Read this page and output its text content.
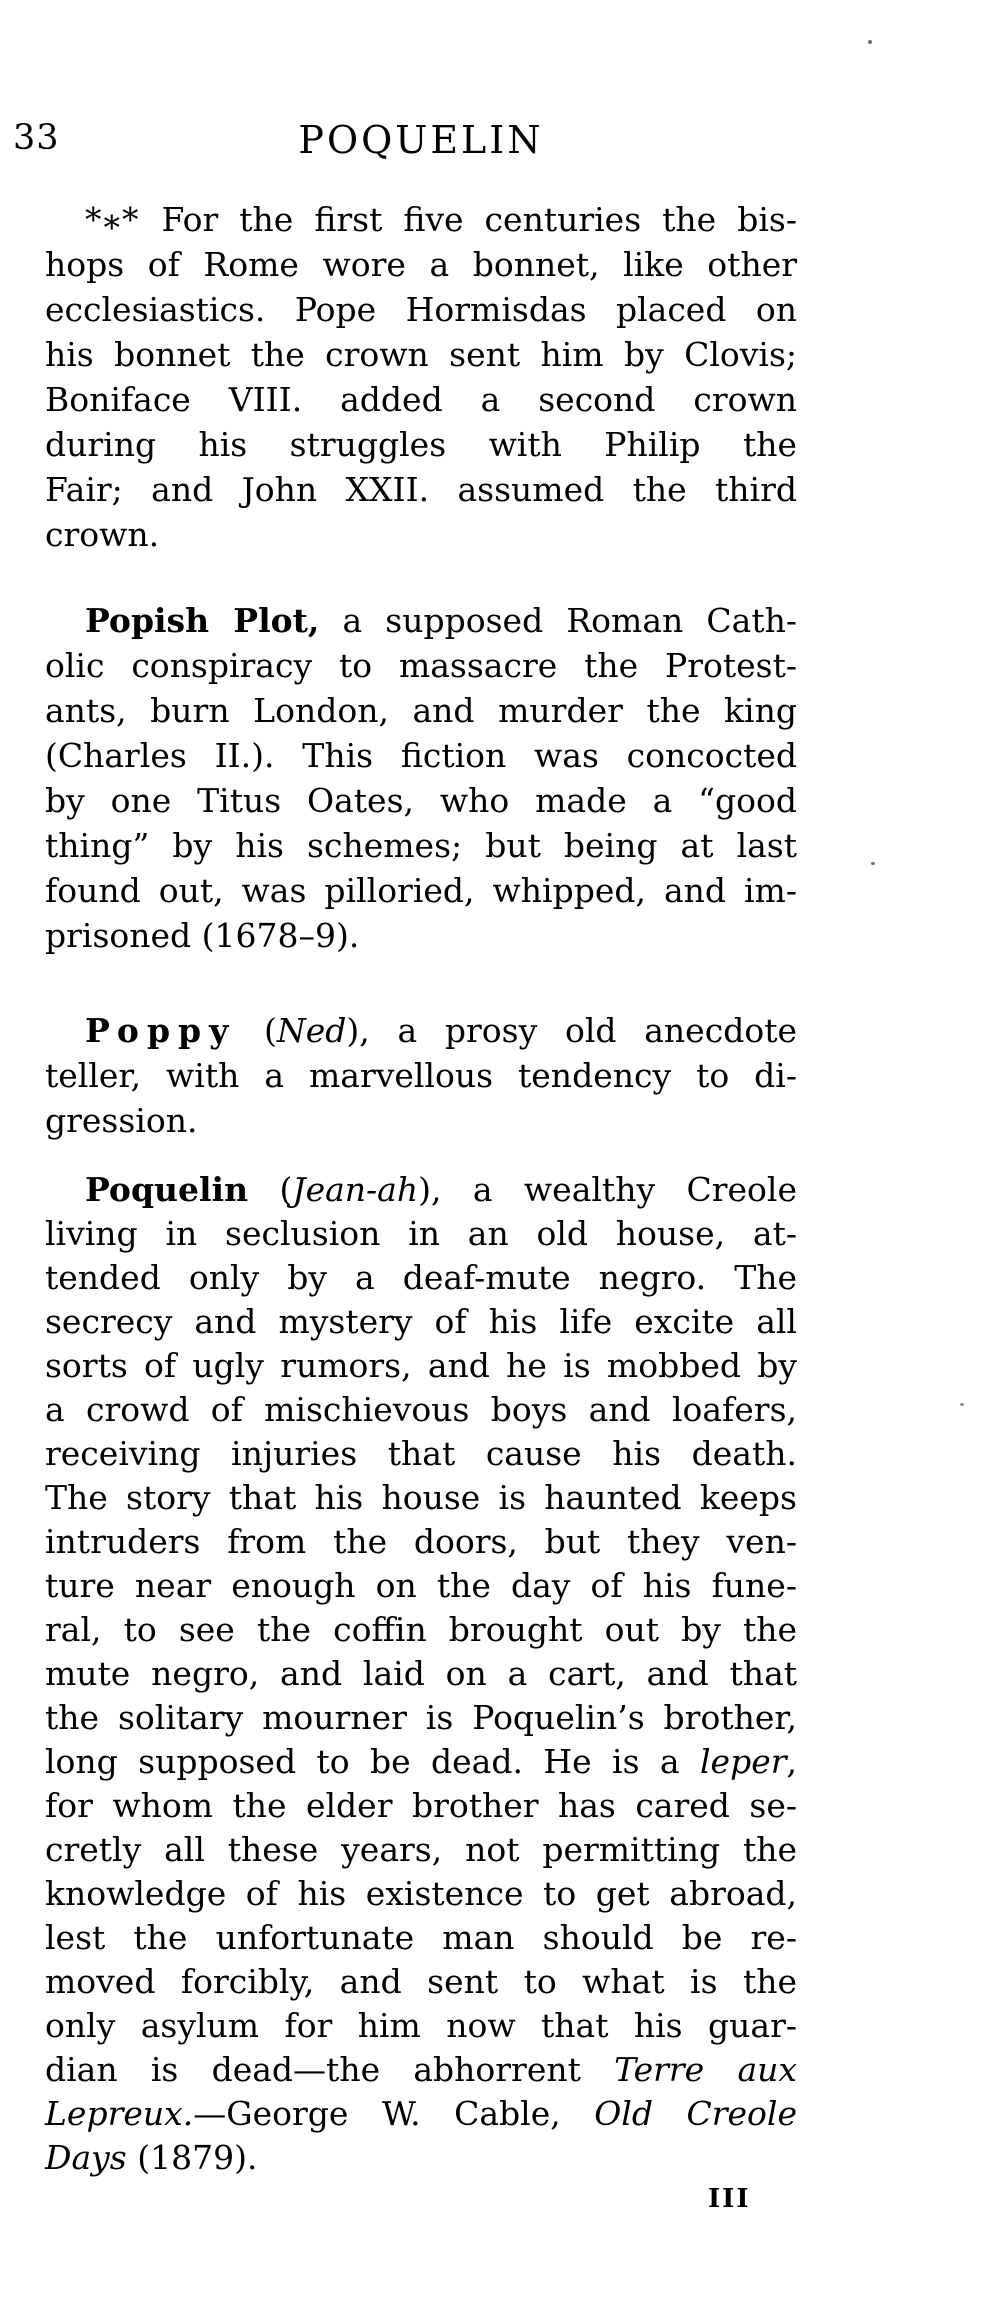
33	POQUELIN
*** For the first five centuries the bis-
hops of Rome wore a bonnet, like other
ecclesiastics. Pope Hormisdas placed on
his bonnet the crown sent him by Clovis;
Boniface VIII. added a second crown
during his struggles with Philip the
Fair; and John XXII. assumed the third
crown.
Popish Plot, a supposed Roman Cath-
olic conspiracy to massacre the Protest-
ants, burn London, and murder the king
(Charles II.). This fiction was concocted
by one Titus Oates, who made a “good
thing” by his schemes; but being at last
found out, was pilloried, whipped, and im-
prisoned (1678–9).
Poppy (Ned), a prosy old anecdote
teller, with a marvellous tendency to di-
gression.
Poquelin (Jean-ah), a wealthy Creole
living in seclusion in an old house, at-
tended only by a deaf-mute negro. The
secrecy and mystery of his life excite all
sorts of ugly rumors, and he is mobbed by
a crowd of mischievous boys and loafers,
receiving injuries that cause his death.
The story that his house is haunted keeps
intruders from the doors, but they ven-
ture near enough on the day of his fune-
ral, to see the coffin brought out by the
mute negro, and laid on a cart, and that
the solitary mourner is Poquelin’s brother,
long supposed to be dead. He is a leper,
for whom the elder brother has cared se-
cretly all these years, not permitting the
knowledge of his existence to get abroad,
lest the unfortunate man should be re-
moved forcibly, and sent to what is the
only asylum for him now that his guar-
dian is dead—the abhorrent Terre aux
Lepreux.—George W. Cable, Old Creole
Days (1879).
III
